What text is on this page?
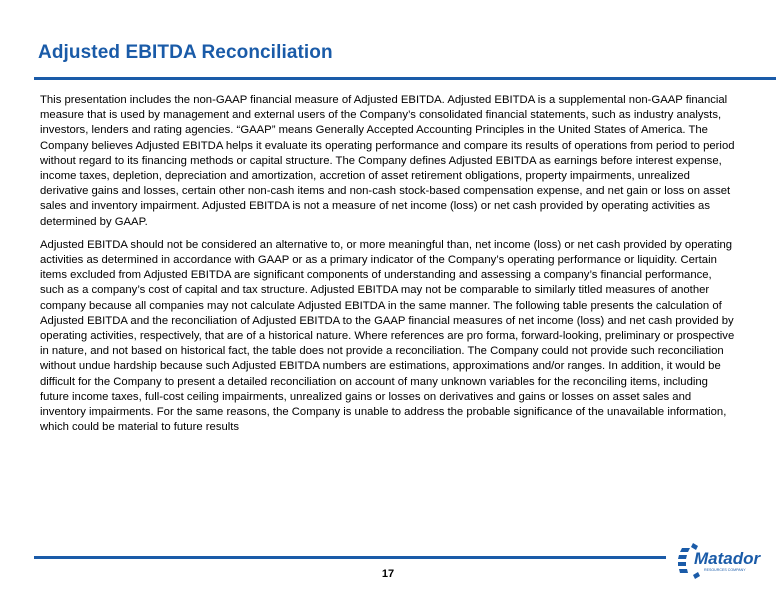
Adjusted EBITDA Reconciliation

This presentation includes the non-GAAP financial measure of Adjusted EBITDA. Adjusted EBITDA is a supplemental non-GAAP financial measure that is used by management and external users of the Company’s consolidated financial statements, such as industry analysts, investors, lenders and rating agencies. “GAAP” means Generally Accepted Accounting Principles in the United States of America. The Company believes Adjusted EBITDA helps it evaluate its operating performance and compare its results of operations from period to period without regard to its financing methods or capital structure. The Company defines Adjusted EBITDA as earnings before interest expense, income taxes, depletion, depreciation and amortization, accretion of asset retirement obligations, property impairments, unrealized derivative gains and losses, certain other non-cash items and non-cash stock-based compensation expense, and net gain or loss on asset sales and inventory impairment. Adjusted EBITDA is not a measure of net income (loss) or net cash provided by operating activities as determined by GAAP.

Adjusted EBITDA should not be considered an alternative to, or more meaningful than, net income (loss) or net cash provided by operating activities as determined in accordance with GAAP or as a primary indicator of the Company’s operating performance or liquidity. Certain items excluded from Adjusted EBITDA are significant components of understanding and assessing a company’s financial performance, such as a company’s cost of capital and tax structure. Adjusted EBITDA may not be comparable to similarly titled measures of another company because all companies may not calculate Adjusted EBITDA in the same manner. The following table presents the calculation of Adjusted EBITDA and the reconciliation of Adjusted EBITDA to the GAAP financial measures of net income (loss) and net cash provided by operating activities, respectively, that are of a historical nature. Where references are pro forma, forward-looking, preliminary or prospective in nature, and not based on historical fact, the table does not provide a reconciliation. The Company could not provide such reconciliation without undue hardship because such Adjusted EBITDA numbers are estimations, approximations and/or ranges. In addition, it would be difficult for the Company to present a detailed reconciliation on account of many unknown variables for the reconciling items, including future income taxes, full-cost ceiling impairments, unrealized gains or losses on derivatives and gains or losses on asset sales and inventory impairments. For the same reasons, the Company is unable to address the probable significance of the unavailable information, which could be material to future results

17
Matador
RESOURCES COMPANY
